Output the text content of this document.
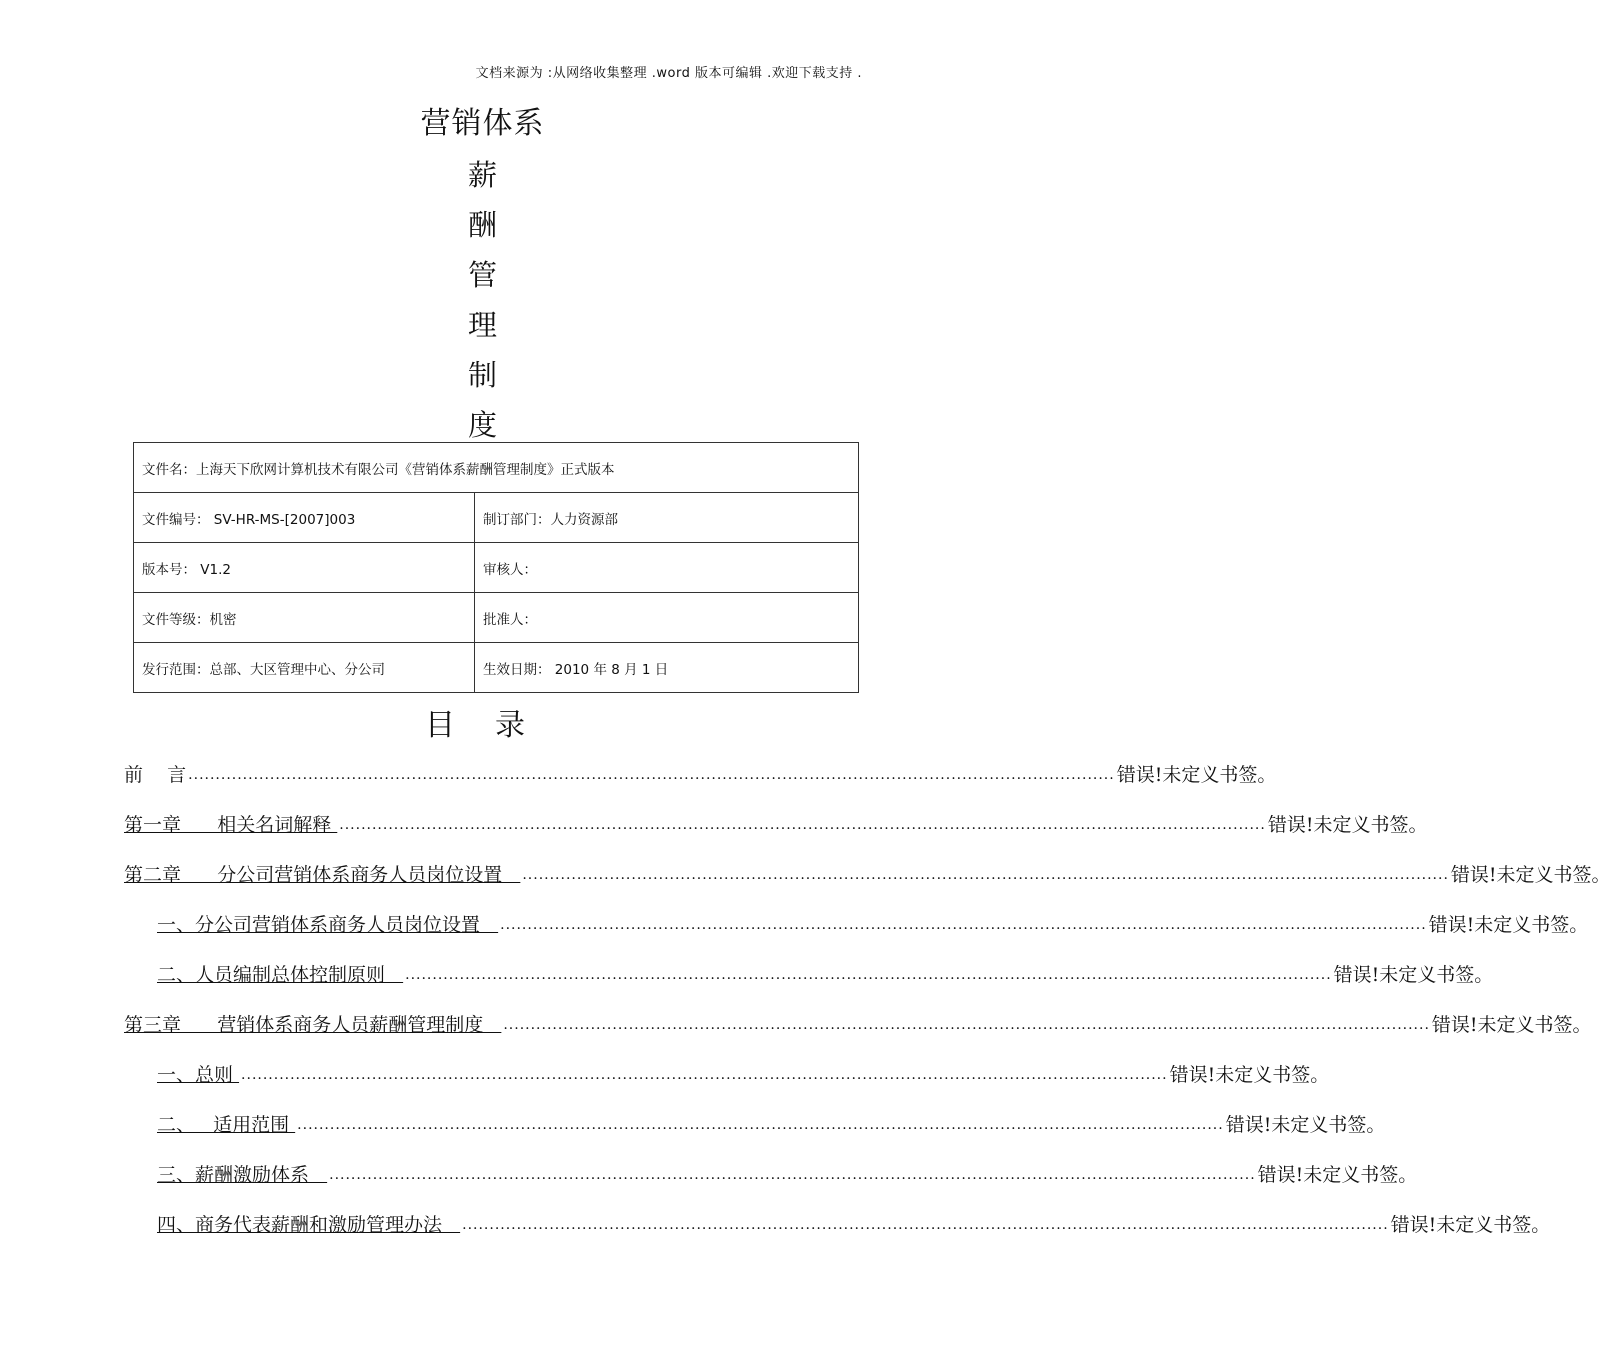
文档来源为 :从网络收集整理 .word 版本可编辑 .欢迎下载支持 .
营销体系
薪
酬
管
理
制
度
文件名：上海天下欣网计算机技术有限公司《营销体系薪酬管理制度》正式版本	
文件编号： SV-HR-MS-[2007]003	制订部门：人力资源部
版本号： V1.2	审核人：
文件等级：机密	批准人：
发行范围：总部、大区管理中心、分公司	生效日期： 2010 年 8 月 1 日
目录
前    言 .......................................................................................................................................................................... 错误!未定义书签。
第一章      相关名词解释 .......................................................................................................................................................................... 错误!未定义书签。
第二章      分公司营销体系商务人员岗位设置 .......................................................................................................................................................................... 错误!未定义书签。
一、分公司营销体系商务人员岗位设置 .......................................................................................................................................................................... 错误!未定义书签。
二、人员编制总体控制原则 .......................................................................................................................................................................... 错误!未定义书签。
第三章      营销体系商务人员薪酬管理制度 .......................................................................................................................................................................... 错误!未定义书签。
一、总则 .......................................................................................................................................................................... 错误!未定义书签。
二、   适用范围 .......................................................................................................................................................................... 错误!未定义书签。
三、薪酬激励体系 .......................................................................................................................................................................... 错误!未定义书签。
四、商务代表薪酬和激励管理办法 .......................................................................................................................................................................... 错误!未定义书签。
